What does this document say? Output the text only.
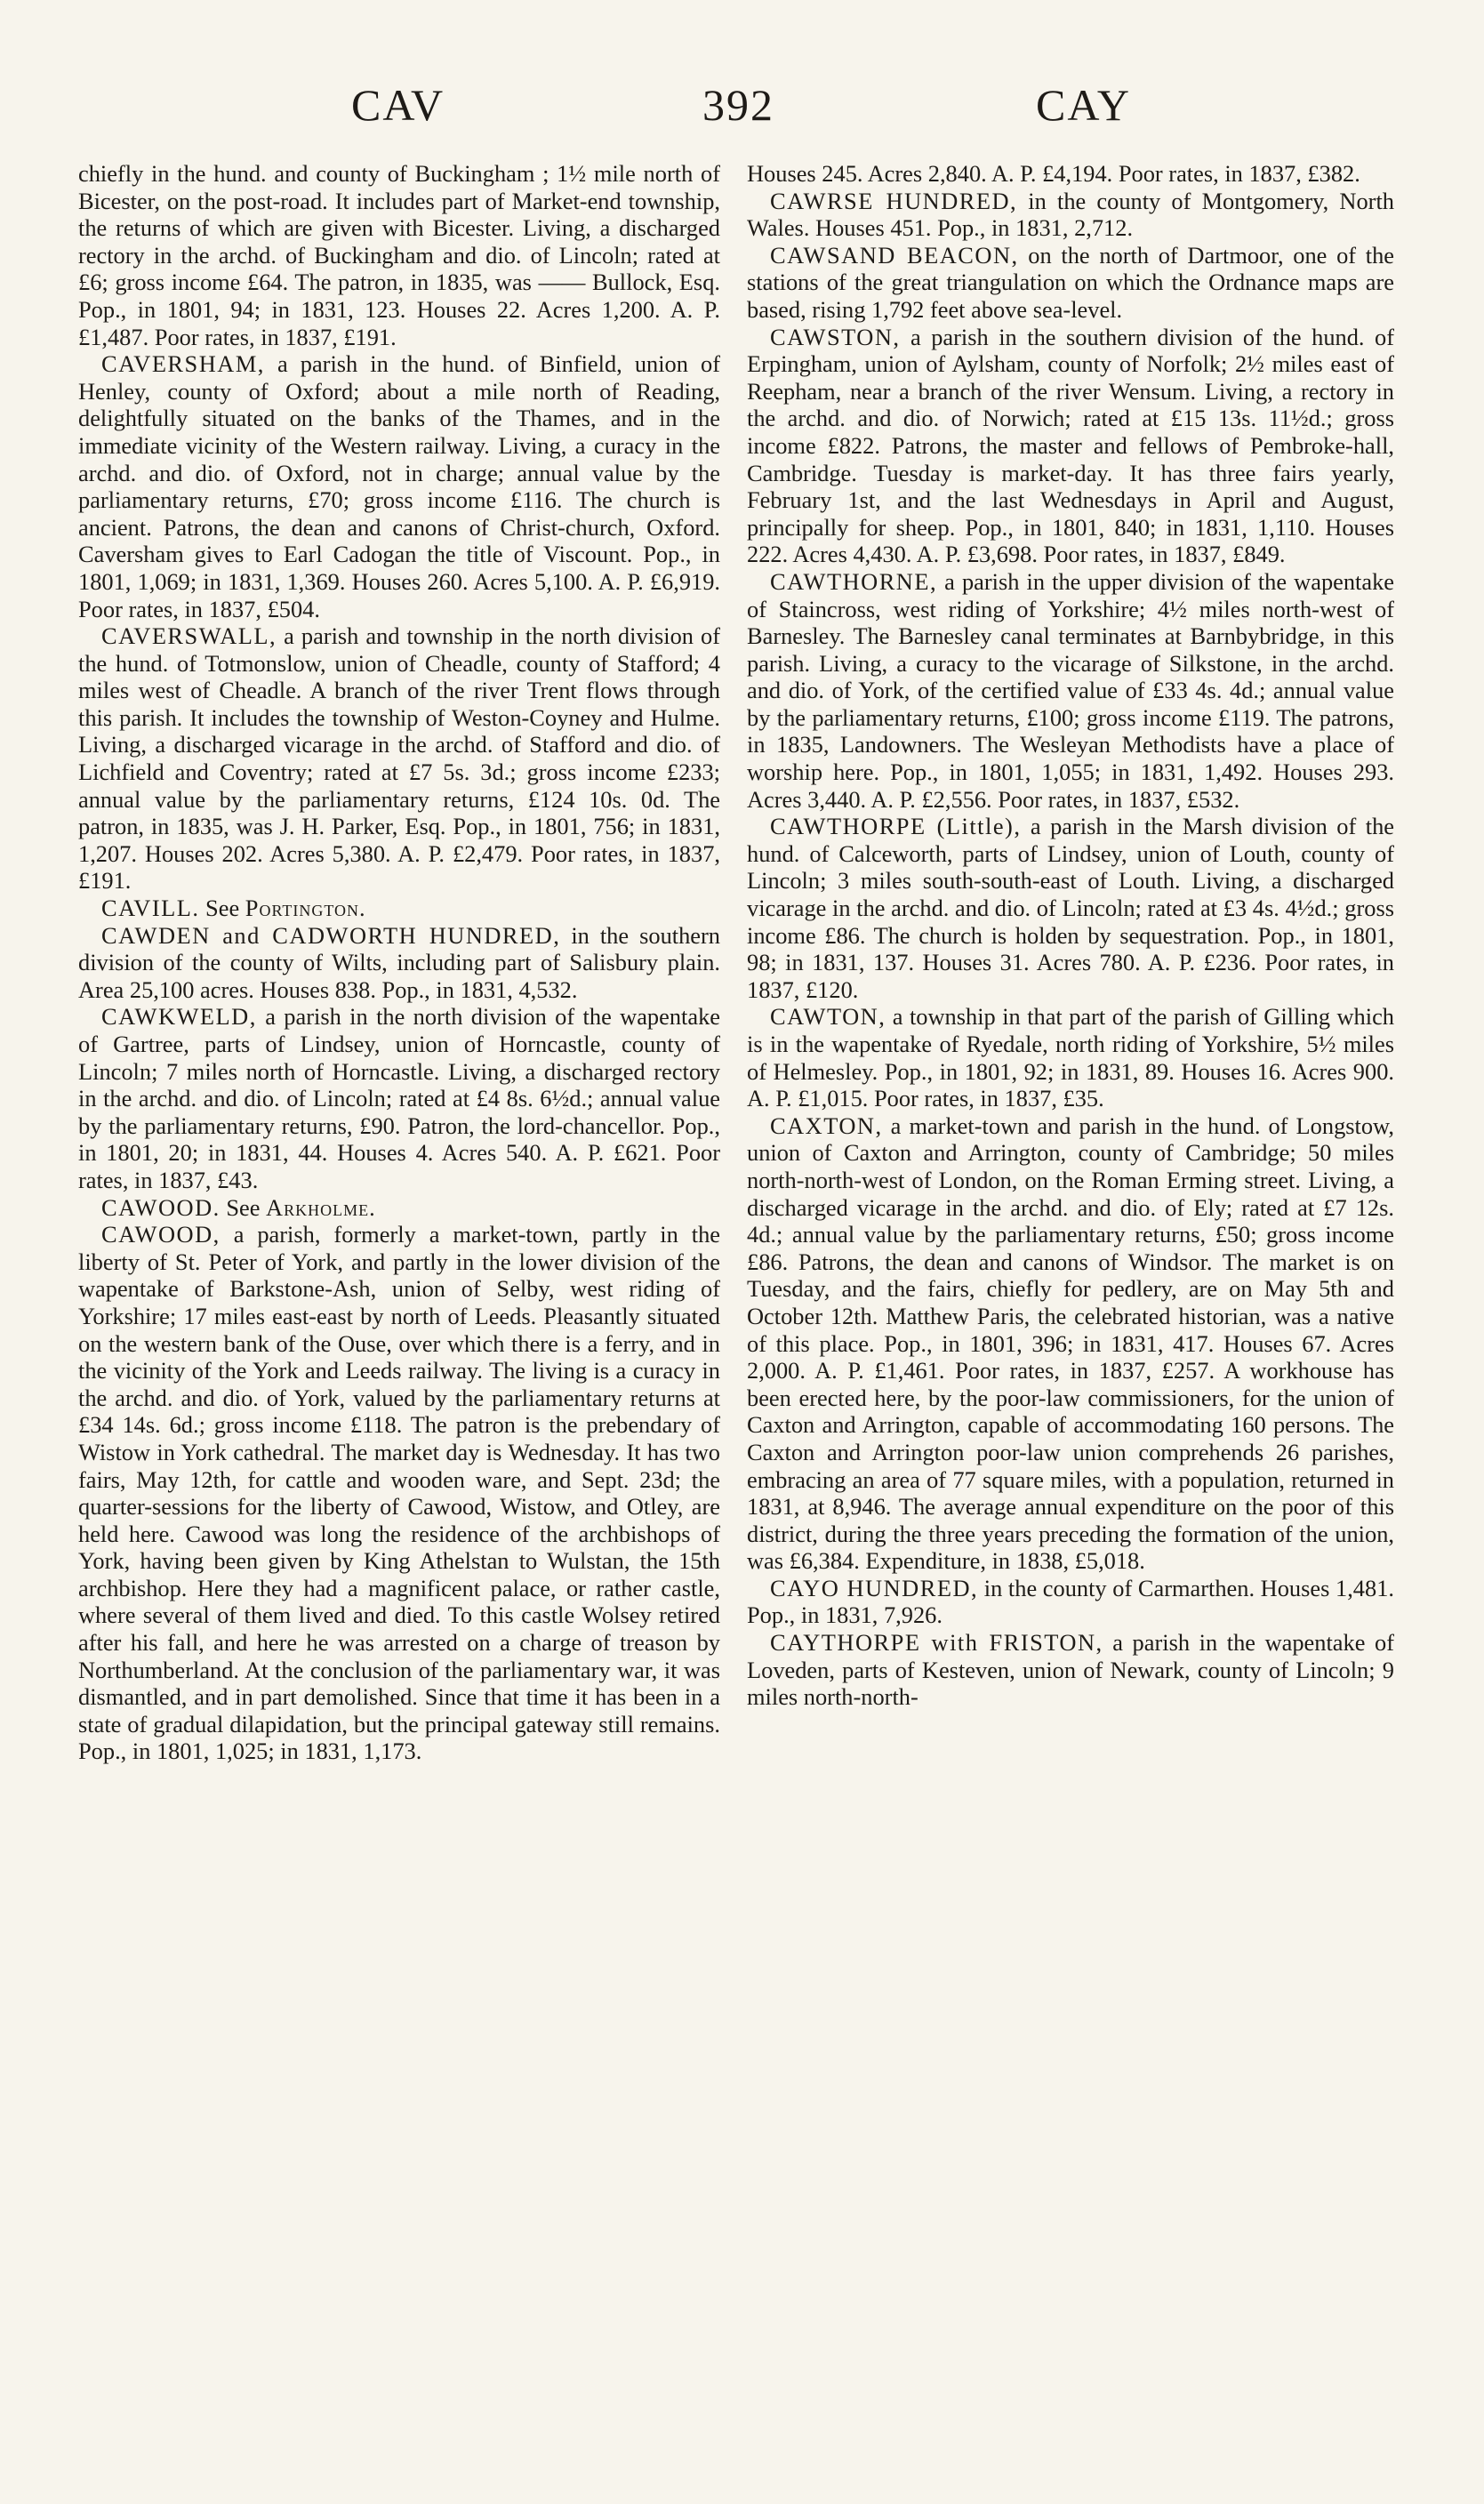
CAV	392	CAY

chiefly in the hund. and county of Buckingham ; 1½ mile north of Bicester, on the post-road. It includes part of Market-end township, the returns of which are given with Bicester. Living, a discharged rectory in the archd. of Buckingham and dio. of Lincoln; rated at £6; gross income £64. The patron, in 1835, was —— Bullock, Esq. Pop., in 1801, 94; in 1831, 123. Houses 22. Acres 1,200. A. P. £1,487. Poor rates, in 1837, £191.

CAVERSHAM, a parish in the hund. of Binfield, union of Henley, county of Oxford; about a mile north of Reading, delightfully situated on the banks of the Thames, and in the immediate vicinity of the Western railway. Living, a curacy in the archd. and dio. of Oxford, not in charge; annual value by the parliamentary returns, £70; gross income £116. The church is ancient. Patrons, the dean and canons of Christ-church, Oxford. Caversham gives to Earl Cadogan the title of Viscount. Pop., in 1801, 1,069; in 1831, 1,369. Houses 260. Acres 5,100. A. P. £6,919. Poor rates, in 1837, £504.

CAVERSWALL, a parish and township in the north division of the hund. of Totmonslow, union of Cheadle, county of Stafford; 4 miles west of Cheadle. A branch of the river Trent flows through this parish. It includes the township of Weston-Coyney and Hulme. Living, a discharged vicarage in the archd. of Stafford and dio. of Lichfield and Coventry; rated at £7 5s. 3d.; gross income £233; annual value by the parliamentary returns, £124 10s. 0d. The patron, in 1835, was J. H. Parker, Esq. Pop., in 1801, 756; in 1831, 1,207. Houses 202. Acres 5,380. A. P. £2,479. Poor rates, in 1837, £191.

CAVILL. See Portington.

CAWDEN and CADWORTH HUNDRED, in the southern division of the county of Wilts, including part of Salisbury plain. Area 25,100 acres. Houses 838. Pop., in 1831, 4,532.

CAWKWELD, a parish in the north division of the wapentake of Gartree, parts of Lindsey, union of Horncastle, county of Lincoln; 7 miles north of Horncastle. Living, a discharged rectory in the archd. and dio. of Lincoln; rated at £4 8s. 6½d.; annual value by the parliamentary returns, £90. Patron, the lord-chancellor. Pop., in 1801, 20; in 1831, 44. Houses 4. Acres 540. A. P. £621. Poor rates, in 1837, £43.

CAWOOD. See Arkholme.

CAWOOD, a parish, formerly a market-town, partly in the liberty of St. Peter of York, and partly in the lower division of the wapentake of Barkstone-Ash, union of Selby, west riding of Yorkshire; 17 miles east-east by north of Leeds. Pleasantly situated on the western bank of the Ouse, over which there is a ferry, and in the vicinity of the York and Leeds railway. The living is a curacy in the archd. and dio. of York, valued by the parliamentary returns at £34 14s. 6d.; gross income £118. The patron is the prebendary of Wistow in York cathedral. The market day is Wednesday. It has two fairs, May 12th, for cattle and wooden ware, and Sept. 23d; the quarter-sessions for the liberty of Cawood, Wistow, and Otley, are held here. Cawood was long the residence of the archbishops of York, having been given by King Athelstan to Wulstan, the 15th archbishop. Here they had a magnificent palace, or rather castle, where several of them lived and died. To this castle Wolsey retired after his fall, and here he was arrested on a charge of treason by Northumberland. At the conclusion of the parliamentary war, it was dismantled, and in part demolished. Since that time it has been in a state of gradual dilapidation, but the principal gateway still remains. Pop., in 1801, 1,025; in 1831, 1,173.

Houses 245. Acres 2,840. A. P. £4,194. Poor rates, in 1837, £382.

CAWRSE HUNDRED, in the county of Montgomery, North Wales. Houses 451. Pop., in 1831, 2,712.

CAWSAND BEACON, on the north of Dartmoor, one of the stations of the great triangulation on which the Ordnance maps are based, rising 1,792 feet above sea-level.

CAWSTON, a parish in the southern division of the hund. of Erpingham, union of Aylsham, county of Norfolk; 2½ miles east of Reepham, near a branch of the river Wensum. Living, a rectory in the archd. and dio. of Norwich; rated at £15 13s. 11½d.; gross income £822. Patrons, the master and fellows of Pembroke-hall, Cambridge. Tuesday is market-day. It has three fairs yearly, February 1st, and the last Wednesdays in April and August, principally for sheep. Pop., in 1801, 840; in 1831, 1,110. Houses 222. Acres 4,430. A. P. £3,698. Poor rates, in 1837, £849.

CAWTHORNE, a parish in the upper division of the wapentake of Staincross, west riding of Yorkshire; 4½ miles north-west of Barnesley. The Barnesley canal terminates at Barnbybridge, in this parish. Living, a curacy to the vicarage of Silkstone, in the archd. and dio. of York, of the certified value of £33 4s. 4d.; annual value by the parliamentary returns, £100; gross income £119. The patrons, in 1835, Landowners. The Wesleyan Methodists have a place of worship here. Pop., in 1801, 1,055; in 1831, 1,492. Houses 293. Acres 3,440. A. P. £2,556. Poor rates, in 1837, £532.

CAWTHORPE (Little), a parish in the Marsh division of the hund. of Calceworth, parts of Lindsey, union of Louth, county of Lincoln; 3 miles south-south-east of Louth. Living, a discharged vicarage in the archd. and dio. of Lincoln; rated at £3 4s. 4½d.; gross income £86. The church is holden by sequestration. Pop., in 1801, 98; in 1831, 137. Houses 31. Acres 780. A. P. £236. Poor rates, in 1837, £120.

CAWTON, a township in that part of the parish of Gilling which is in the wapentake of Ryedale, north riding of Yorkshire, 5½ miles of Helmesley. Pop., in 1801, 92; in 1831, 89. Houses 16. Acres 900. A. P. £1,015. Poor rates, in 1837, £35.

CAXTON, a market-town and parish in the hund. of Longstow, union of Caxton and Arrington, county of Cambridge; 50 miles north-north-west of London, on the Roman Erming street. Living, a discharged vicarage in the archd. and dio. of Ely; rated at £7 12s. 4d.; annual value by the parliamentary returns, £50; gross income £86. Patrons, the dean and canons of Windsor. The market is on Tuesday, and the fairs, chiefly for pedlery, are on May 5th and October 12th. Matthew Paris, the celebrated historian, was a native of this place. Pop., in 1801, 396; in 1831, 417. Houses 67. Acres 2,000. A. P. £1,461. Poor rates, in 1837, £257. A workhouse has been erected here, by the poor-law commissioners, for the union of Caxton and Arrington, capable of accommodating 160 persons. The Caxton and Arrington poor-law union comprehends 26 parishes, embracing an area of 77 square miles, with a population, returned in 1831, at 8,946. The average annual expenditure on the poor of this district, during the three years preceding the formation of the union, was £6,384. Expenditure, in 1838, £5,018.

CAYO HUNDRED, in the county of Carmarthen. Houses 1,481. Pop., in 1831, 7,926.

CAYTHORPE with FRISTON, a parish in the wapentake of Loveden, parts of Kesteven, union of Newark, county of Lincoln; 9 miles north-north-
